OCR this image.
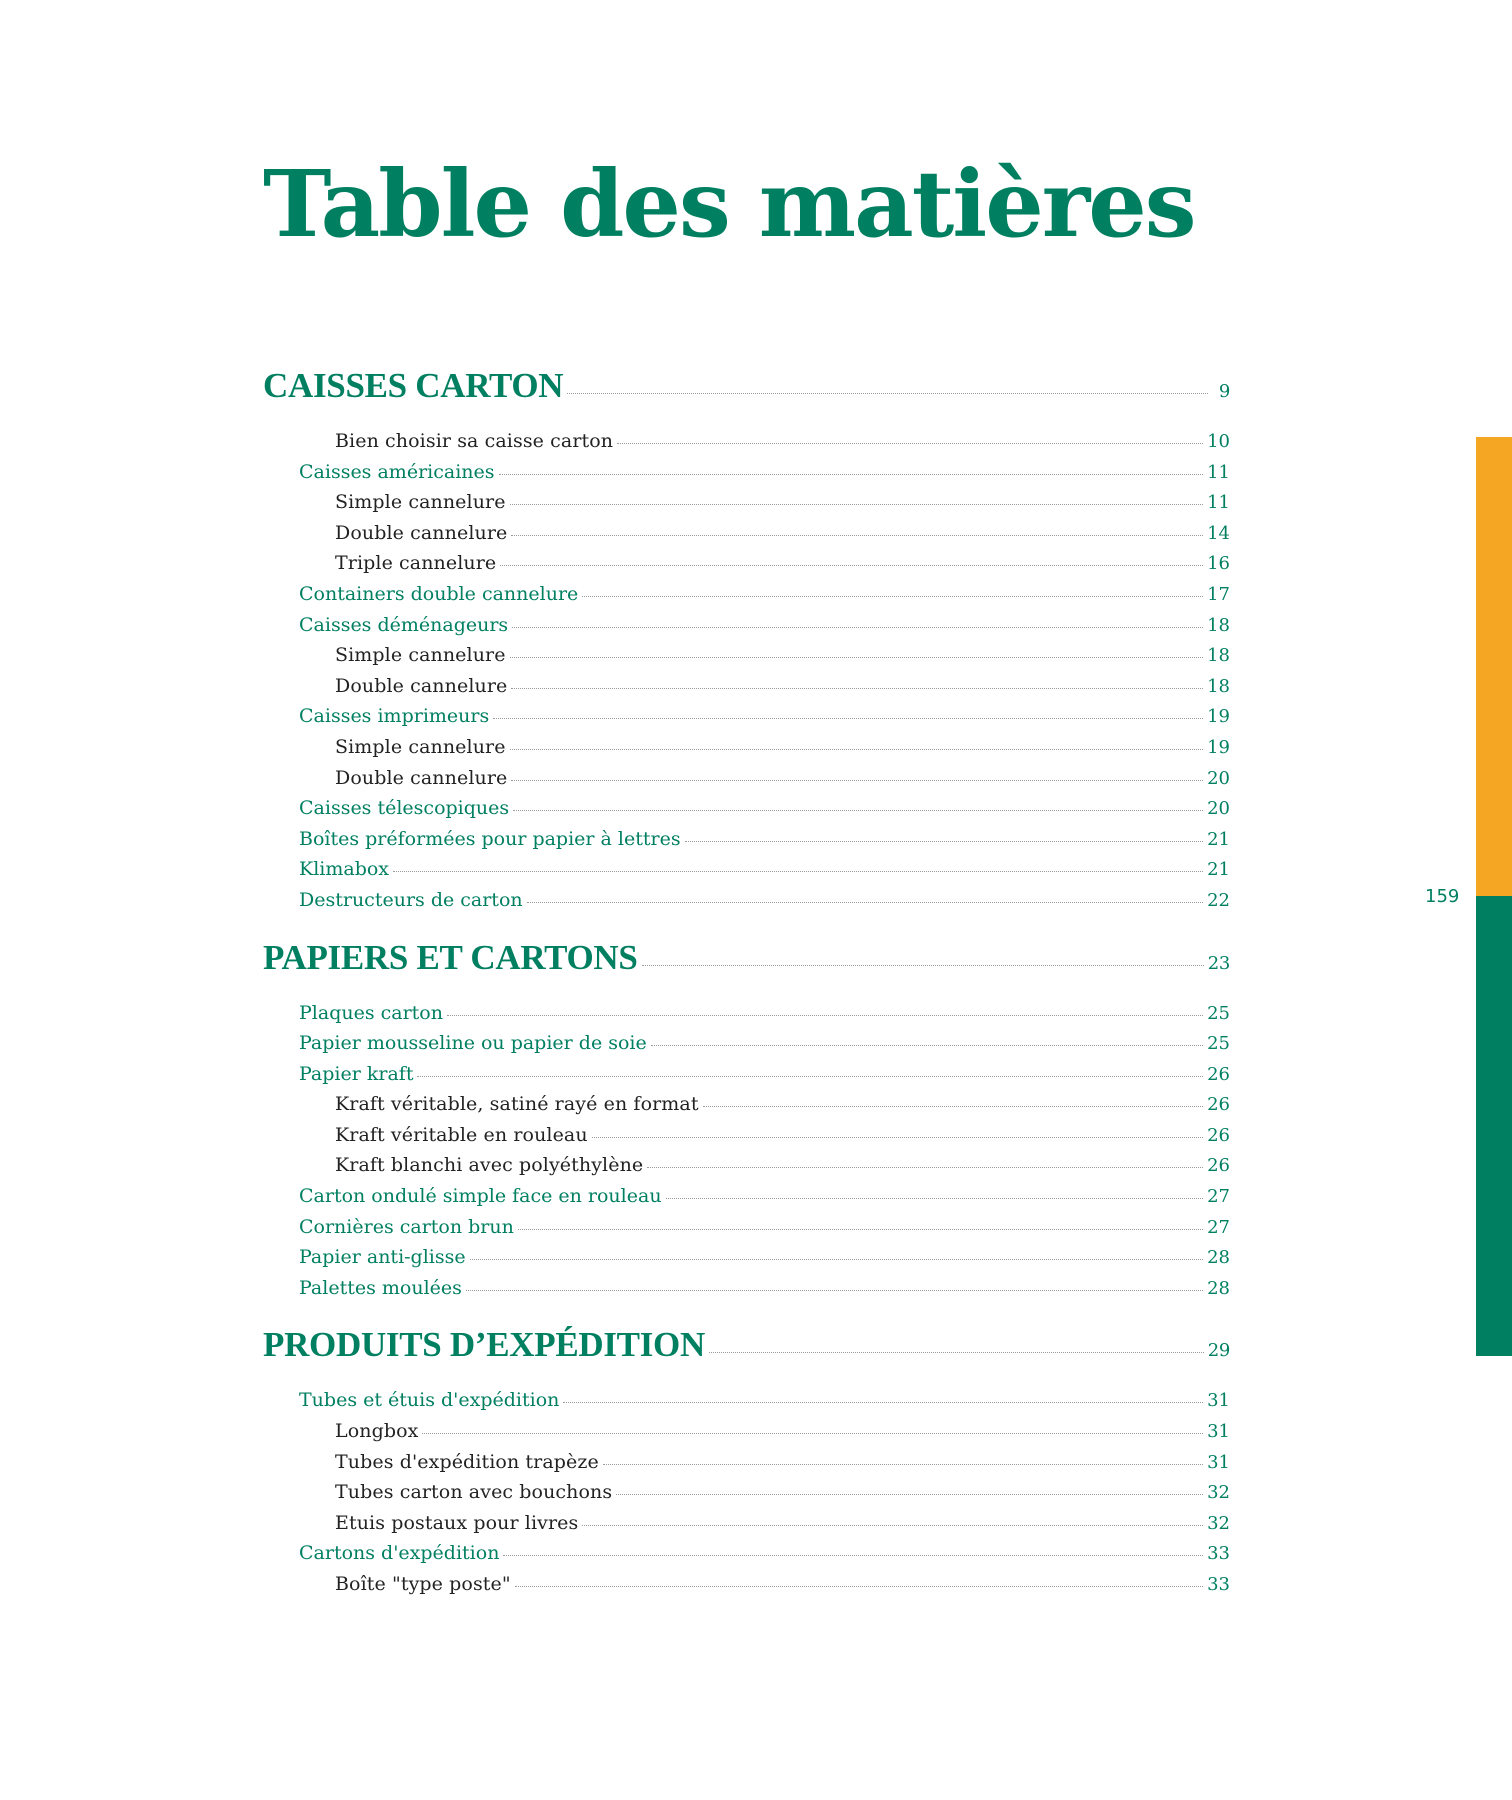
Table des matières
CAISSES CARTON	9
Bien choisir sa caisse carton	10
Caisses américaines	11
Simple cannelure	11
Double cannelure	14
Triple cannelure	16
Containers double cannelure	17
Caisses déménageurs	18
Simple cannelure	18
Double cannelure	18
Caisses imprimeurs	19
Simple cannelure	19
Double cannelure	20
Caisses télescopiques	20
Boîtes préformées pour papier à lettres	21
Klimabox	21
Destructeurs de carton	22
PAPIERS ET CARTONS	23
Plaques carton	25
Papier mousseline ou papier de soie	25
Papier kraft	26
Kraft véritable, satiné rayé en format	26
Kraft véritable en rouleau	26
Kraft blanchi avec polyéthylène	26
Carton ondulé simple face en rouleau	27
Cornières carton brun	27
Papier anti-glisse	28
Palettes moulées	28
PRODUITS D’EXPÉDITION	29
Tubes et étuis d'expédition	31
Longbox	31
Tubes d'expédition trapèze	31
Tubes carton avec bouchons	32
Etuis postaux pour livres	32
Cartons d'expédition	33
Boîte "type poste"	33
159
